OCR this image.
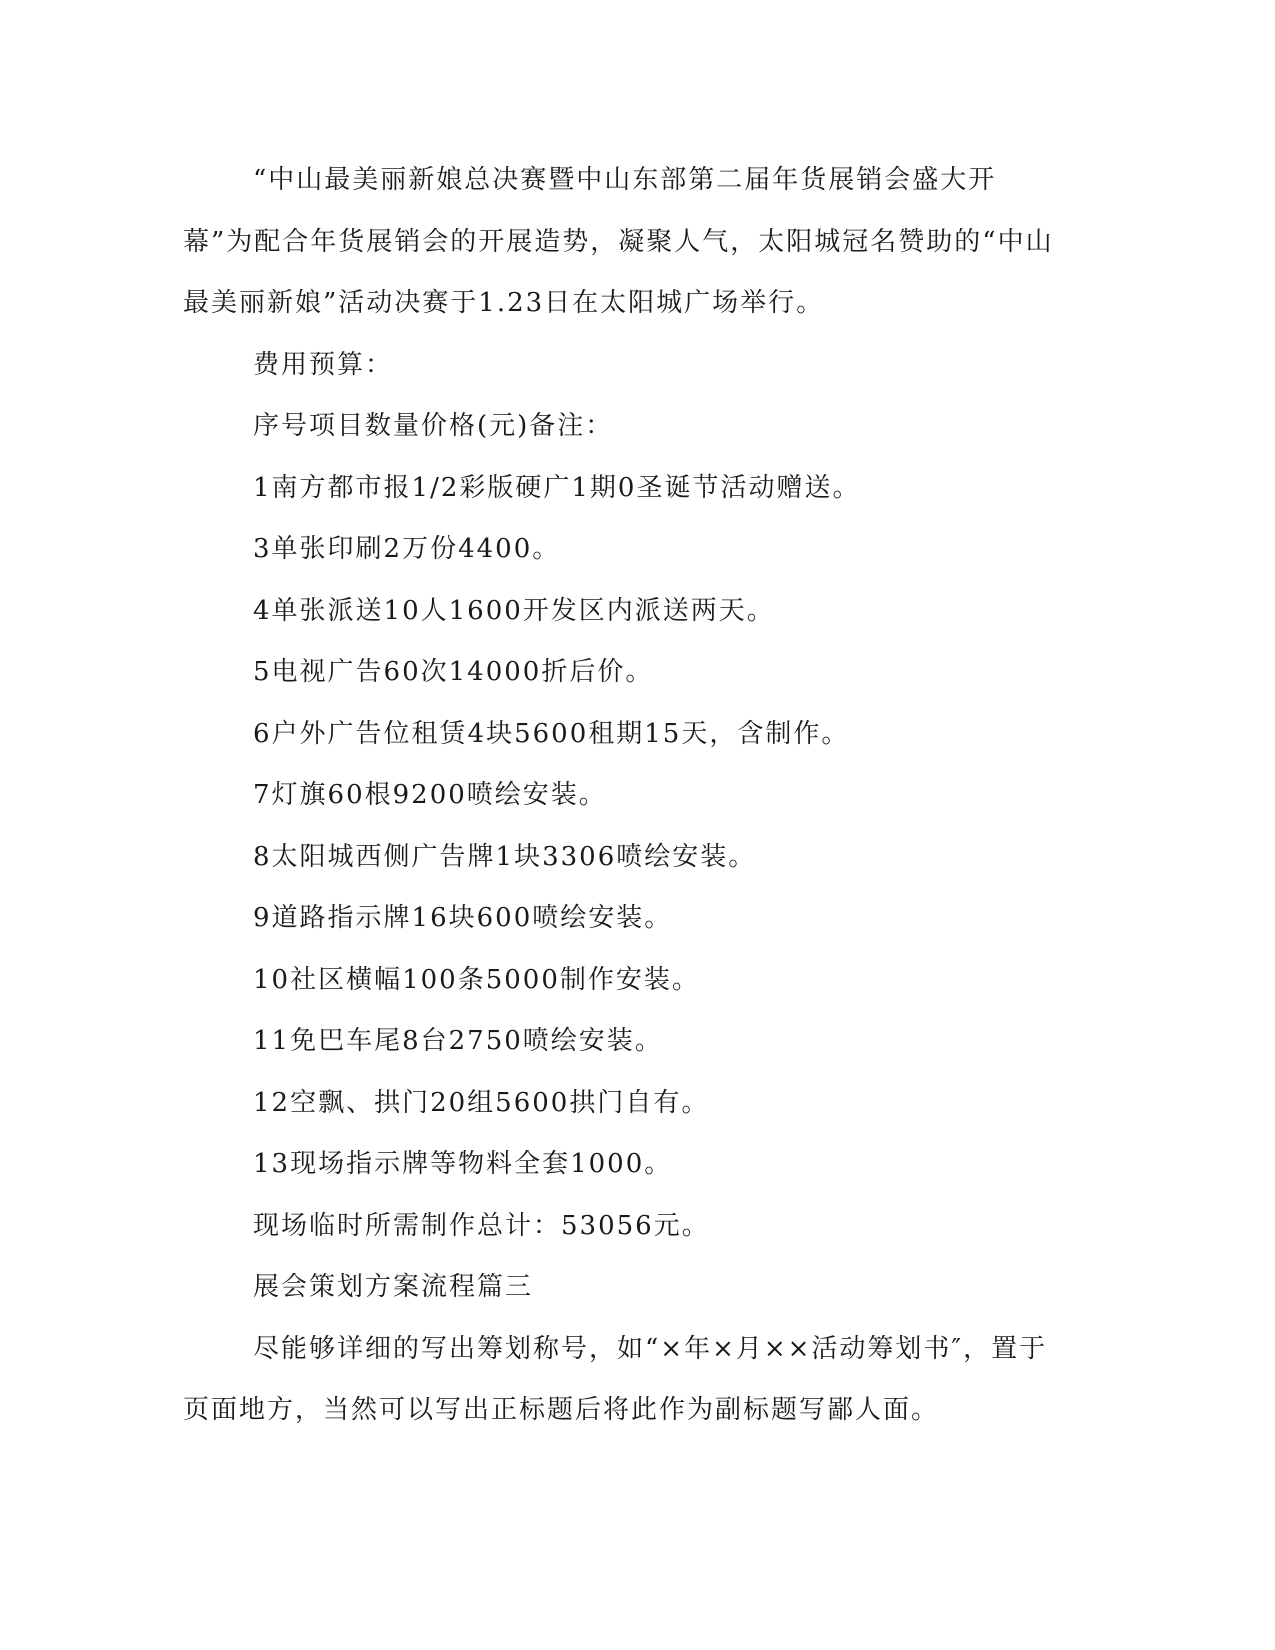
“中山最美丽新娘总决赛暨中山东部第二届年货展销会盛大开幕”为配合年货展销会的开展造势，凝聚人气，太阳城冠名赞助的“中山最美丽新娘”活动决赛于1.23日在太阳城广场举行。

费用预算：

序号项目数量价格(元)备注：

1南方都市报1/2彩版硬广1期0圣诞节活动赠送。

3单张印刷2万份4400。

4单张派送10人1600开发区内派送两天。

5电视广告60次14000折后价。

6户外广告位租赁4块5600租期15天，含制作。

7灯旗60根9200喷绘安装。

8太阳城西侧广告牌1块3306喷绘安装。

9道路指示牌16块600喷绘安装。

10社区横幅100条5000制作安装。

11免巴车尾8台2750喷绘安装。

12空飘、拱门20组5600拱门自有。

13现场指示牌等物料全套1000。

现场临时所需制作总计：53056元。

展会策划方案流程篇三

尽能够详细的写出筹划称号，如“×年×月××活动筹划书″，置于页面地方，当然可以写出正标题后将此作为副标题写鄙人面。
